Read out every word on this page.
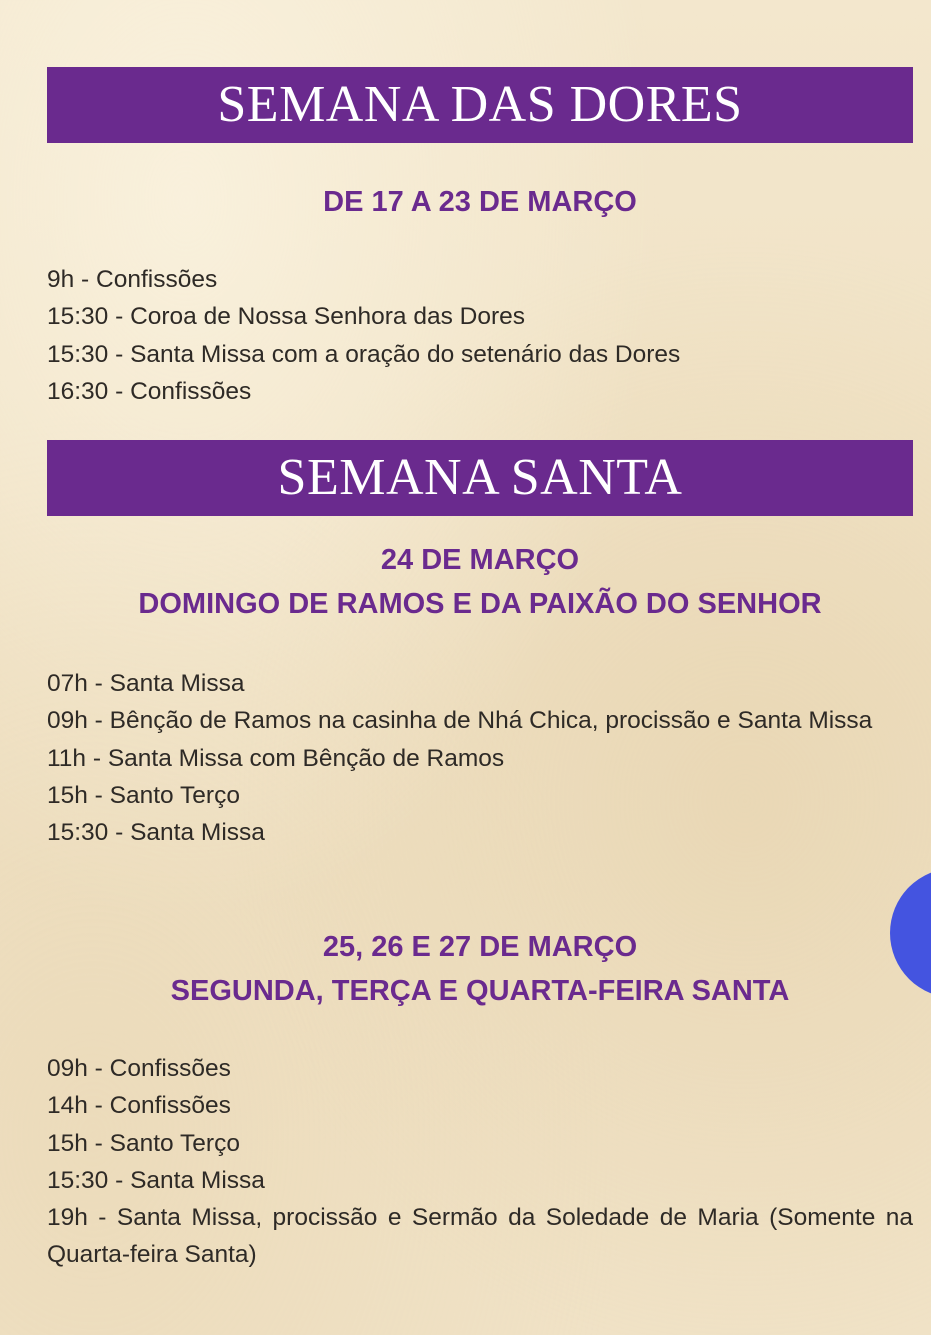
SEMANA DAS DORES
DE 17 A 23 DE MARÇO
9h - Confissões
15:30 - Coroa de Nossa Senhora das Dores
15:30 - Santa Missa com a oração do setenário das Dores
16:30 - Confissões
SEMANA SANTA
24 DE MARÇO
DOMINGO DE RAMOS E DA PAIXÃO DO SENHOR
07h - Santa Missa
09h - Bênção de Ramos na casinha de Nhá Chica, procissão e Santa Missa
11h - Santa Missa com Bênção de Ramos
15h - Santo Terço
15:30 - Santa Missa
25, 26 E 27 DE MARÇO
SEGUNDA, TERÇA E QUARTA-FEIRA SANTA
09h - Confissões
14h - Confissões
15h - Santo Terço
15:30 - Santa Missa
19h - Santa Missa, procissão e Sermão da Soledade de Maria (Somente na Quarta-feira Santa)
